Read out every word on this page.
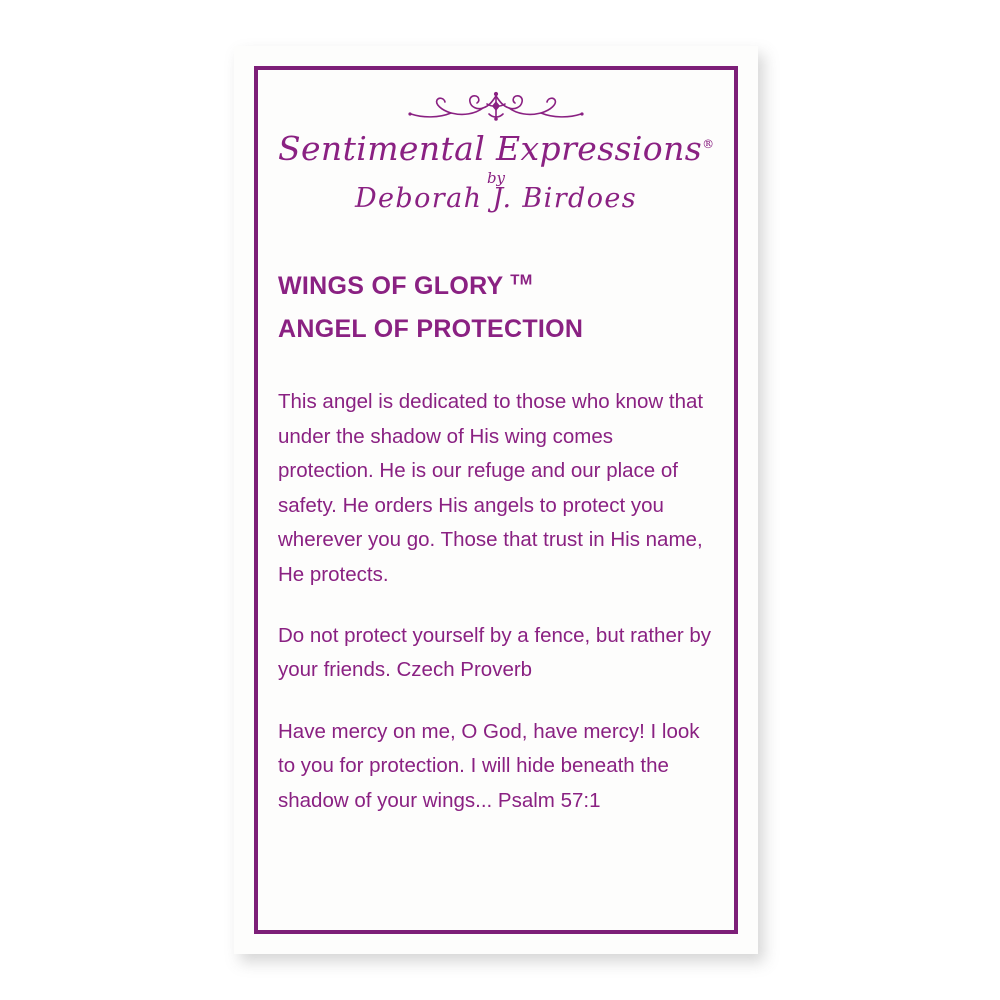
Sentimental Expressions®
by
Deborah J. Birdoes
WINGS OF GLORY ™
ANGEL OF PROTECTION

This angel is dedicated to those who know that under the shadow of His wing comes protection. He is our refuge and our place of safety. He orders His angels to protect you wherever you go. Those that trust in His name, He protects.

Do not protect yourself by a fence, but rather by your friends. Czech Proverb

Have mercy on me, O God, have mercy! I look to you for protection. I will hide beneath the shadow of your wings... Psalm 57:1
